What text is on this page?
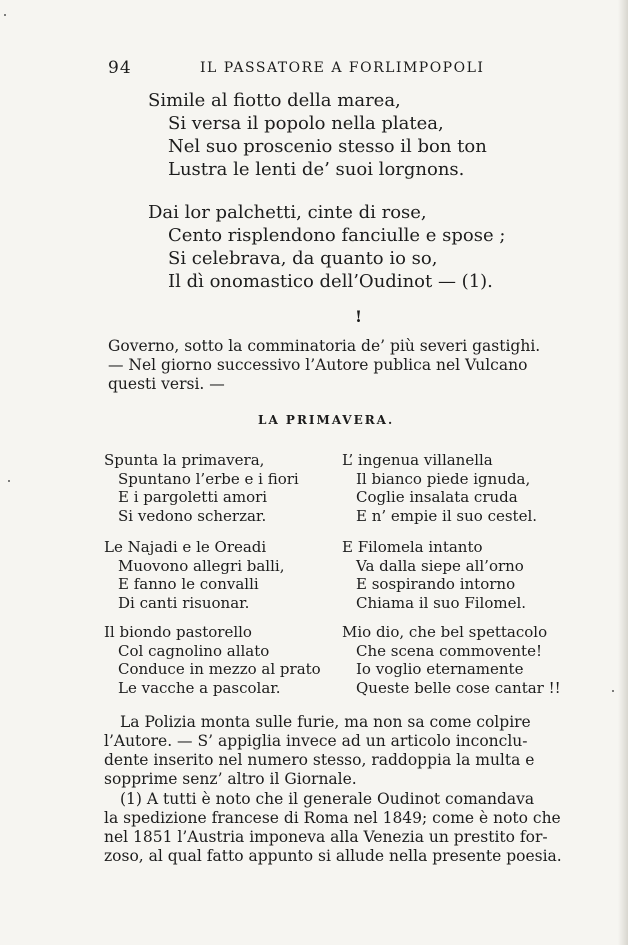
94	IL PASSATORE A FORLIMPOPOLI
Simile al fiotto della marea,
Si versa il popolo nella platea,
Nel suo proscenio stesso il bon ton
Lustra le lenti de’ suoi lorgnons.
Dai lor palchetti, cinte di rose,
Cento risplendono fanciulle e spose ;
Si celebrava, da quanto io so,
Il dì onomastico dell’Oudinot — (1).
!
Governo, sotto la comminatoria de’ più severi gastighi.
— Nel giorno successivo l’Autore publica nel Vulcano
questi versi. —
LA PRIMAVERA.
Spunta la primavera,
Spuntano l’erbe e i fiori
E i pargoletti amori
Si vedono scherzar.
Le Najadi e le Oreadi
Muovono allegri balli,
E fanno le convalli
Di canti risuonar.
Il biondo pastorello
Col cagnolino allato
Conduce in mezzo al prato
Le vacche a pascolar.
L’ ingenua villanella
Il bianco piede ignuda,
Coglie insalata cruda
E n’ empie il suo cestel.
E Filomela intanto
Va dalla siepe all’orno
E sospirando intorno
Chiama il suo Filomel.
Mio dio, che bel spettacolo
Che scena commovente!
Io voglio eternamente
Queste belle cose cantar !!
La Polizia monta sulle furie, ma non sa come colpire
l’Autore. — S’ appiglia invece ad un articolo inconclu-
dente inserito nel numero stesso, raddoppia la multa e
sopprime senz’ altro il Giornale.
(1) A tutti è noto che il generale Oudinot comandava
la spedizione francese di Roma nel 1849; come è noto che
nel 1851 l’Austria imponeva alla Venezia un prestito for-
zoso, al qual fatto appunto si allude nella presente poesia.
